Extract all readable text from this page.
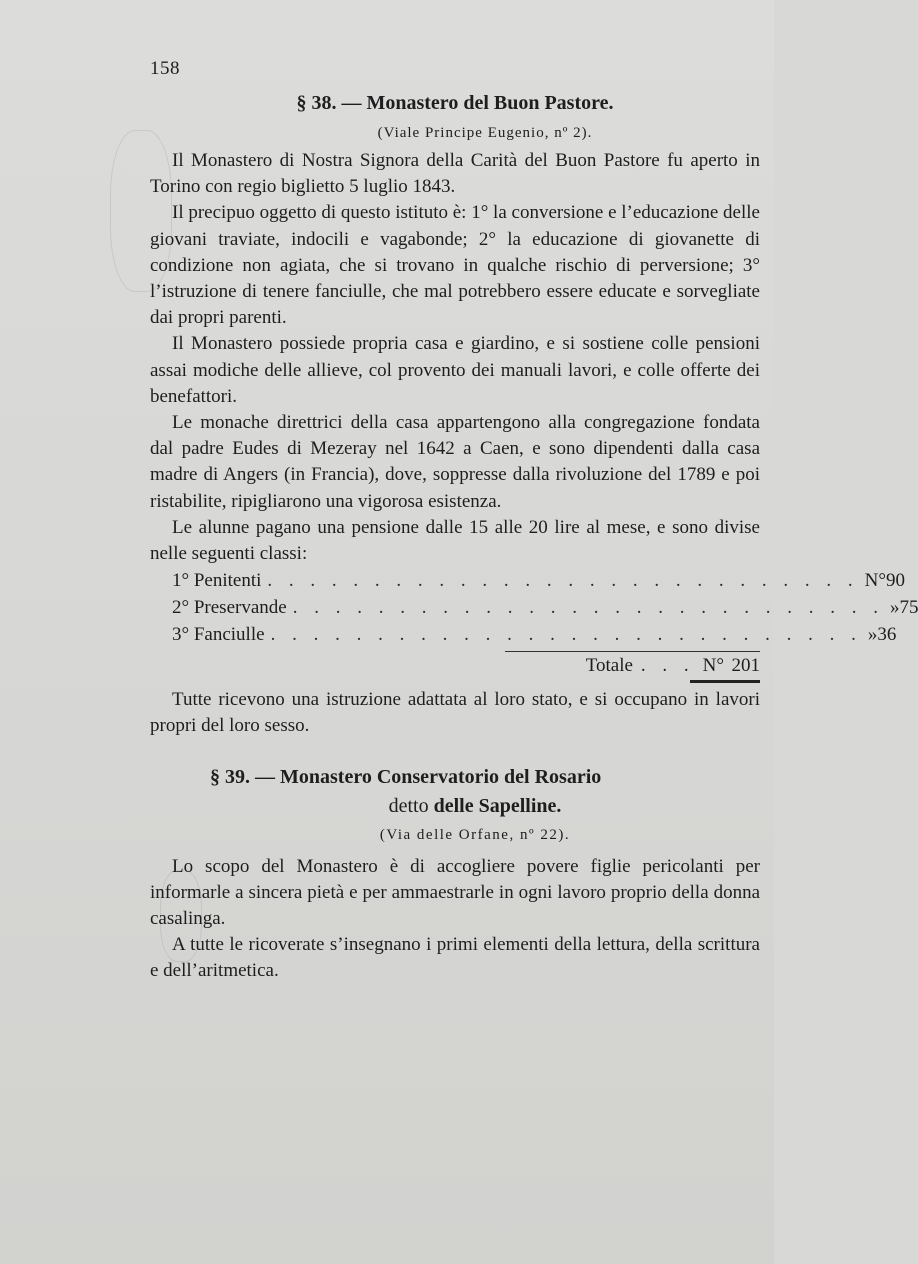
158
§ 38. — Monastero del Buon Pastore.
(Viale Principe Eugenio, nº 2).

Il Monastero di Nostra Signora della Carità del Buon Pastore fu aperto in Torino con regio biglietto 5 luglio 1843.

Il precipuo oggetto di questo istituto è: 1° la conversione e l’educazione delle giovani traviate, indocili e vagabonde; 2° la educazione di giovanette di condizione non agiata, che si trovano in qualche rischio di perversione; 3° l’istruzione di tenere fanciulle, che mal potrebbero essere educate e sorvegliate dai propri parenti.

Il Monastero possiede propria casa e giardino, e si sostiene colle pensioni assai modiche delle allieve, col provento dei manuali lavori, e colle offerte dei benefattori.

Le monache direttrici della casa appartengono alla congregazione fondata dal padre Eudes di Mezeray nel 1642 a Caen, e sono dipendenti dalla casa madre di Angers (in Francia), dove, soppresse dalla rivoluzione del 1789 e poi ristabilite, ripigliarono una vigorosa esistenza.

Le alunne pagano una pensione dalle 15 alle 20 lire al mese, e sono divise nelle seguenti classi:

1° Penitenti . . . . . . . . . . . . . . . . . . . . . . . . . . . . N° 90
2° Preservande . . . . . . . . . . . . . . . . . . . . . . . . . . . . » 75
3° Fanciulle . . . . . . . . . . . . . . . . . . . . . . . . . . . . » 36
Totale . . . N° 201

Tutte ricevono una istruzione adattata al loro stato, e si occupano in lavori propri del loro sesso.

§ 39. — Monastero Conservatorio del Rosario
detto delle Sapelline.
(Via delle Orfane, nº 22).

Lo scopo del Monastero è di accogliere povere figlie pericolanti per informarle a sincera pietà e per ammaestrarle in ogni lavoro proprio della donna casalinga.

A tutte le ricoverate s’insegnano i primi elementi della lettura, della scrittura e dell’aritmetica.
